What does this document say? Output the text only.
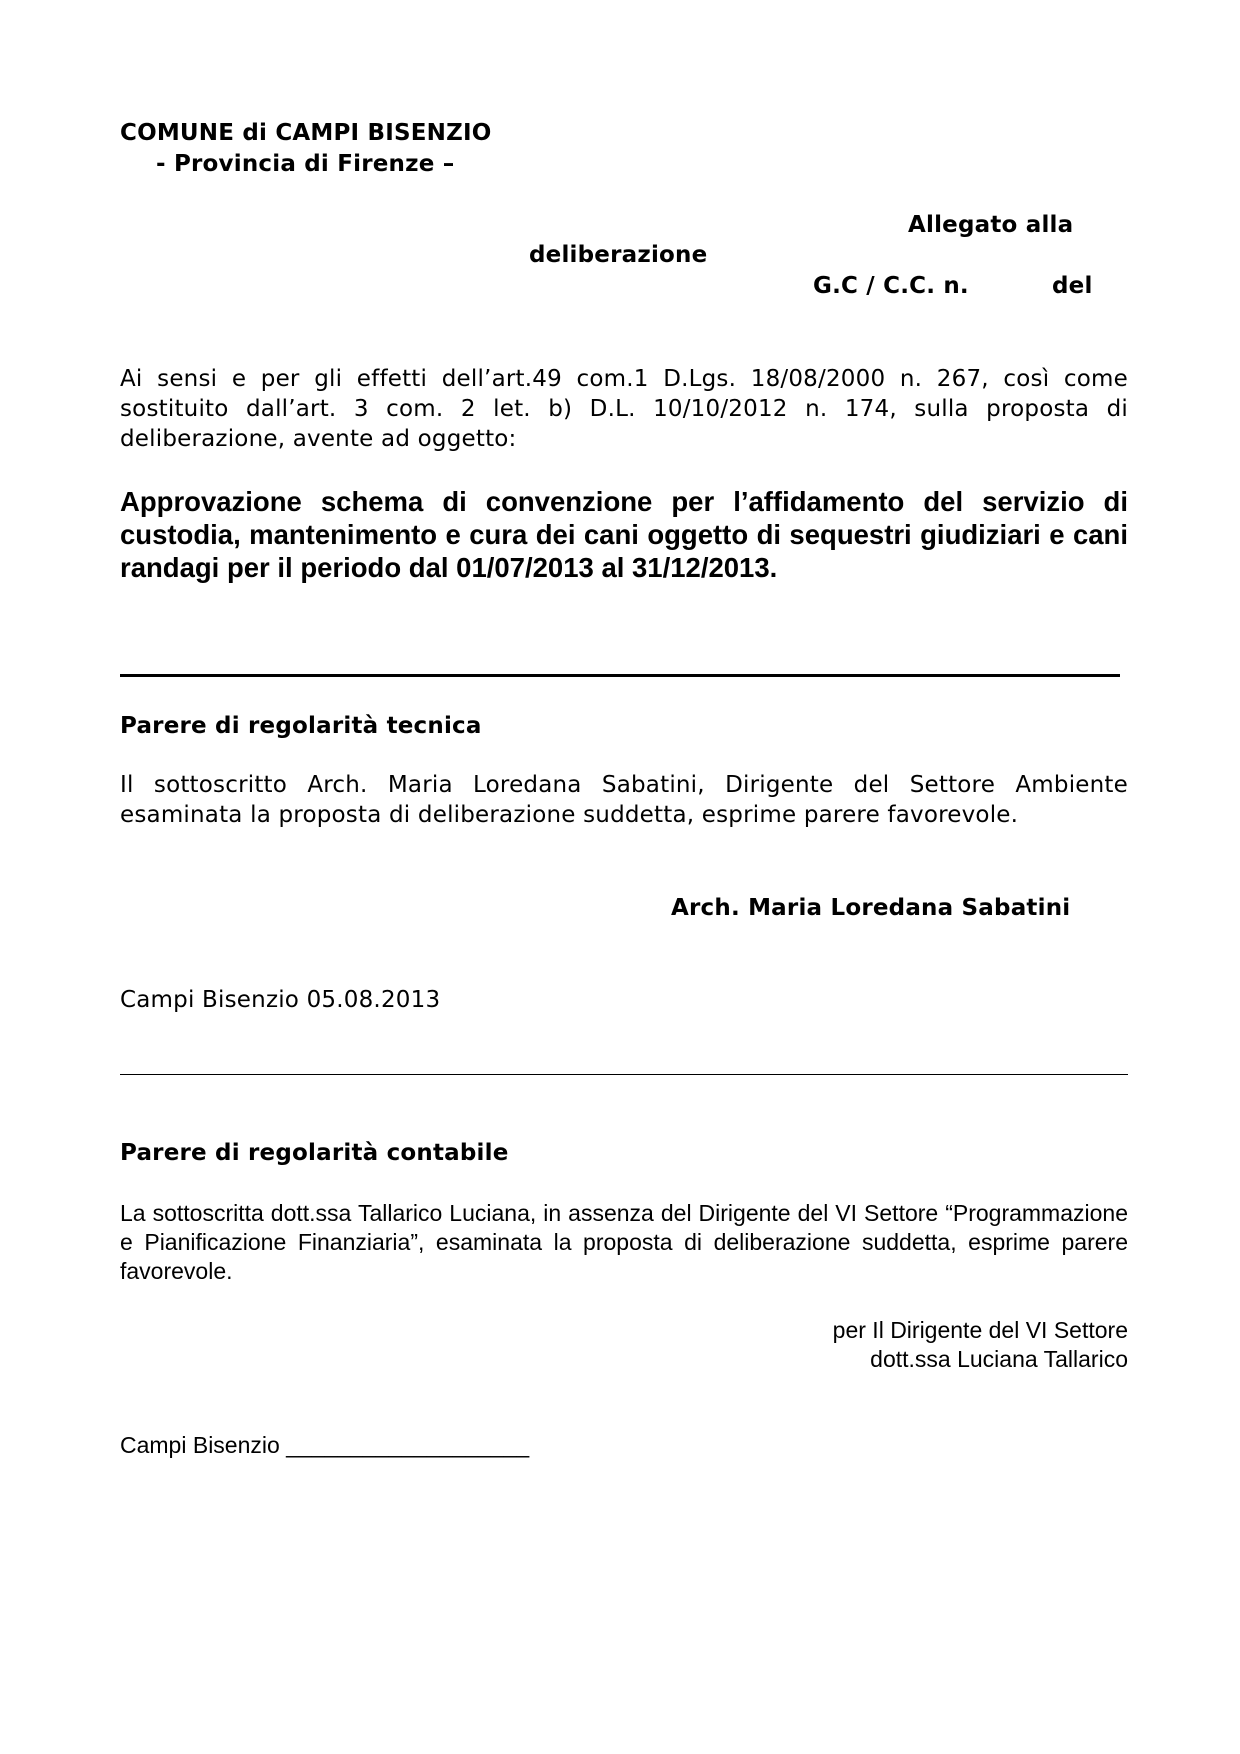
COMUNE di CAMPI BISENZIO
- Provincia di Firenze –
Allegato alla
deliberazione
G.C / C.C. n.	del
Ai sensi e per gli effetti dell’art.49 com.1 D.Lgs. 18/08/2000 n. 267, così come sostituito dall’art. 3 com. 2 let. b) D.L. 10/10/2012 n. 174, sulla proposta di deliberazione, avente ad oggetto:
Approvazione schema di convenzione per l’affidamento del servizio di custodia, mantenimento e cura dei cani oggetto di sequestri giudiziari e cani randagi per il periodo dal 01/07/2013 al 31/12/2013.
Parere di regolarità tecnica
Il sottoscritto Arch. Maria Loredana Sabatini, Dirigente del Settore Ambiente esaminata la proposta di deliberazione suddetta, esprime parere favorevole.
Arch. Maria Loredana Sabatini
Campi Bisenzio 05.08.2013
Parere di regolarità contabile
La sottoscritta dott.ssa Tallarico Luciana, in assenza del Dirigente del VI Settore “Programmazione e Pianificazione Finanziaria”, esaminata la proposta di deliberazione suddetta, esprime parere favorevole.
per Il Dirigente del VI Settore
dott.ssa Luciana Tallarico
Campi Bisenzio ___________________
